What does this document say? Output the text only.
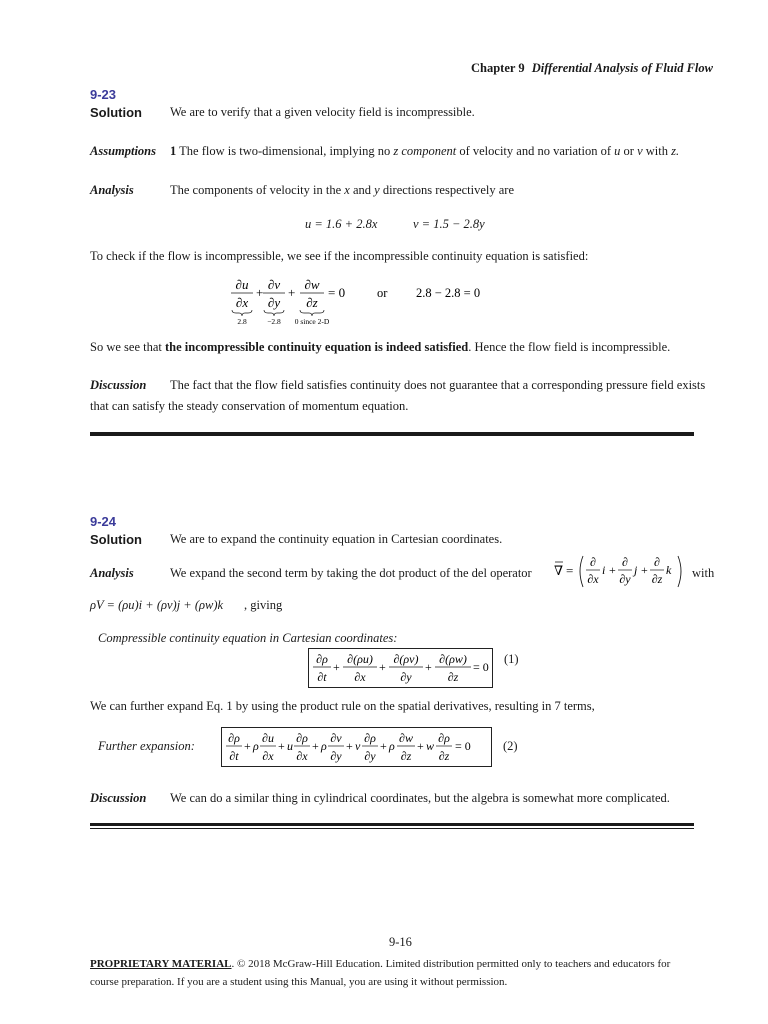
Chapter 9 Differential Analysis of Fluid Flow
9-23
Solution We are to verify that a given velocity field is incompressible.
Assumptions 1 The flow is two-dimensional, implying no z component of velocity and no variation of u or v with z.
Analysis	The components of velocity in the x and y directions respectively are
u = 1.6 + 2.8x	v = 1.5 − 2.8y
To check if the flow is incompressible, we see if the incompressible continuity equation is satisfied:
∂u
∂x
+
∂v
∂y
+
∂w
∂z
= 0
2.8	−2.8 0 since 2-D
or 2.8 − 2.8 = 0
So we see that the incompressible continuity equation is indeed satisfied. Hence the flow field is incompressible.
Discussion The fact that the flow field satisfies continuity does not guarantee that a corresponding pressure field exists
that can satisfy the steady conservation of momentum equation.
9-24
Solution We are to expand the continuity equation in Cartesian coordinates.
Analysis	We expand the second term by taking the dot product of the del operator ∇ =
∂
∂x
i +
∂
∂y
j +
∂
∂z
k with
ρV = (ρu)i + (ρv)j + (ρw)k , giving
Compressible continuity equation in Cartesian coordinates:
∂ρ
∂t
+
∂(ρu)
∂x
+
∂(ρv)
∂y
+
∂(ρw)
∂z
= 0
(1)
We can further expand Eq. 1 by using the product rule on the spatial derivatives, resulting in 7 terms,
Further expansion:
∂ρ
∂t
+ ρ
∂u
∂x
+ u
∂ρ
∂x
+ ρ
∂v
∂y
+ v
∂ρ
∂y
+ ρ
∂w
∂z
+ w
∂ρ
∂z
= 0	(2)
Discussion We can do a similar thing in cylindrical coordinates, but the algebra is somewhat more complicated.
9-16
PROPRIETARY MATERIAL. © 2018 McGraw-Hill Education. Limited distribution permitted only to teachers and educators for
course preparation. If you are a student using this Manual, you are using it without permission.
